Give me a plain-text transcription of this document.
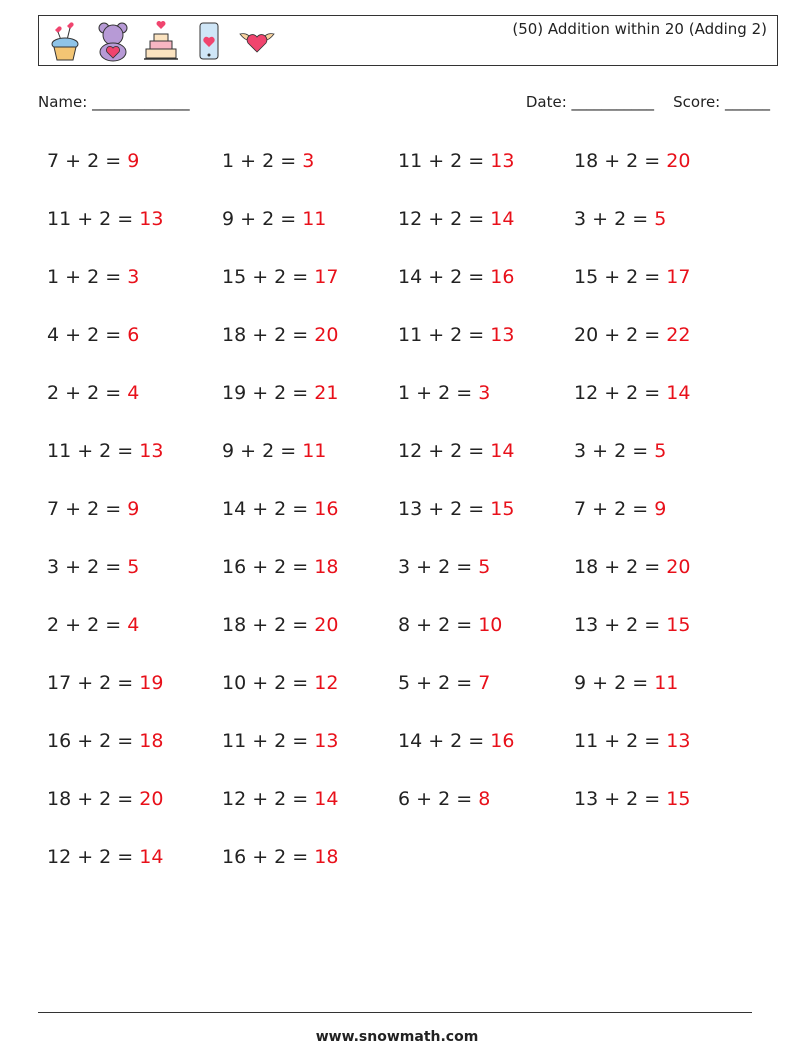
(50) Addition within 20 (Adding 2)
Name: _____________	Date: ___________ Score: ______
7 + 2 = 9	1 + 2 = 3	11 + 2 = 13	18 + 2 = 20
11 + 2 = 13	9 + 2 = 11	12 + 2 = 14	3 + 2 = 5
1 + 2 = 3	15 + 2 = 17	14 + 2 = 16	15 + 2 = 17
4 + 2 = 6	18 + 2 = 20	11 + 2 = 13	20 + 2 = 22
2 + 2 = 4	19 + 2 = 21	1 + 2 = 3	12 + 2 = 14
11 + 2 = 13	9 + 2 = 11	12 + 2 = 14	3 + 2 = 5
7 + 2 = 9	14 + 2 = 16	13 + 2 = 15	7 + 2 = 9
3 + 2 = 5	16 + 2 = 18	3 + 2 = 5	18 + 2 = 20
2 + 2 = 4	18 + 2 = 20	8 + 2 = 10	13 + 2 = 15
17 + 2 = 19	10 + 2 = 12	5 + 2 = 7	9 + 2 = 11
16 + 2 = 18	11 + 2 = 13	14 + 2 = 16	11 + 2 = 13
18 + 2 = 20	12 + 2 = 14	6 + 2 = 8	13 + 2 = 15
12 + 2 = 14	16 + 2 = 18
www.snowmath.com
